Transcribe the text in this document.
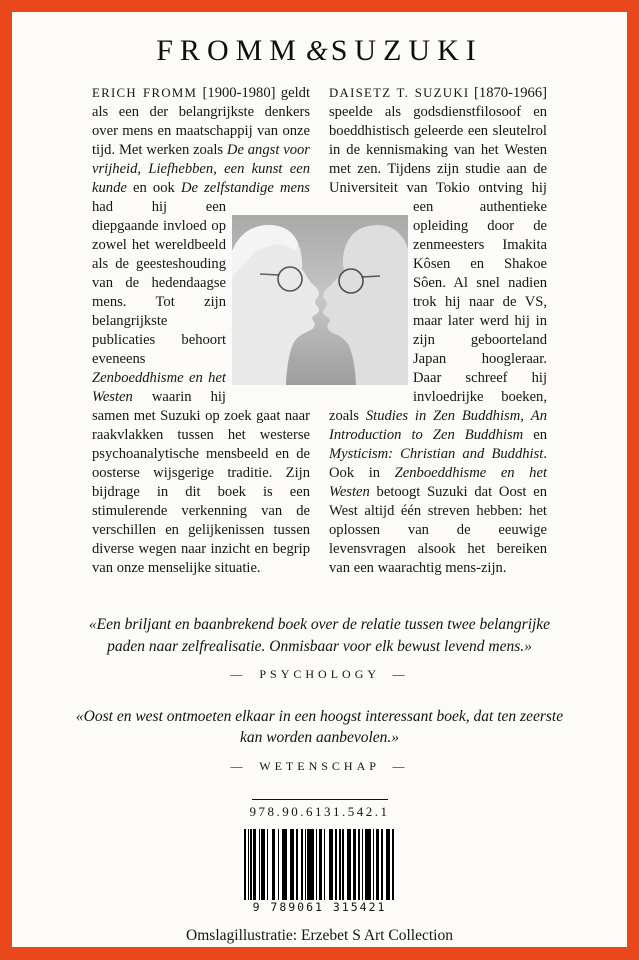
FROMM & SUZUKI
ERICH FROMM [1900-1980] geldt als een der belangrijkste denkers over mens en maatschappij van onze tijd. Met werken zoals De angst voor vrijheid, Liefhebben, een kunst een kunde en ook De zelfstandige mens had hij een diepgaande invloed op zowel het wereldbeeld als de geesteshouding van de hedendaagse mens. Tot zijn belangrijkste publicaties behoort eveneens Zenboeddhisme en het Westen waarin hij samen met Suzuki op zoek gaat naar raakvlakken tussen het westerse psychoanalytische mensbeeld en de oosterse wijsgerige traditie. Zijn bijdrage in dit boek is een stimulerende verkenning van de verschillen en gelijkenissen tussen diverse wegen naar inzicht en begrip van onze menselijke situatie.
DAISETZ T. SUZUKI [1870-1966] speelde als godsdienstfilosoof en boeddhistisch geleerde een sleutelrol in de kennismaking van het Westen met zen. Tijdens zijn studie aan de Universiteit van Tokio ontving hij een authentieke opleiding door de zenmeesters Imakita Kôsen en Shakoe Sôen. Al snel nadien trok hij naar de VS, maar later werd hij in zijn geboorteland Japan hoogleraar. Daar schreef hij invloedrijke boeken, zoals Studies in Zen Buddhism, An Introduction to Zen Buddhism en Mysticism: Christian and Buddhist. Ook in Zenboeddhisme en het Westen betoogt Suzuki dat Oost en West altijd één streven hebben: het oplossen van de eeuwige levensvragen alsook het bereiken van een waarachtig mens-zijn.
«Een briljant en baanbrekend boek over de relatie tussen twee belangrijke paden naar zelfrealisatie. Onmisbaar voor elk bewust levend mens.»
— PSYCHOLOGY —
«Oost en west ontmoeten elkaar in een hoogst interessant boek, dat ten zeerste kan worden aanbevolen.»
— WETENSCHAP —
978.90.6131.542.1
9 789061 315421
Omslagillustratie: Erzebet S Art Collection
